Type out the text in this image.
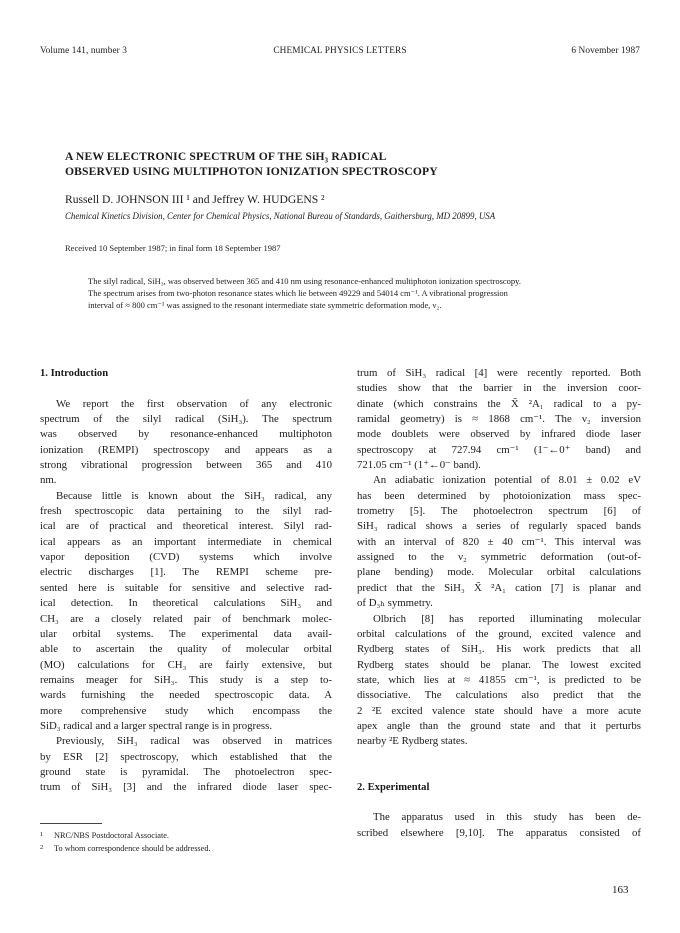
Volume 141, number 3	CHEMICAL PHYSICS LETTERS	6 November 1987
A NEW ELECTRONIC SPECTRUM OF THE SiH₃ RADICAL
OBSERVED USING MULTIPHOTON IONIZATION SPECTROSCOPY
Russell D. JOHNSON III ¹ and Jeffrey W. HUDGENS ²
Chemical Kinetics Division, Center for Chemical Physics, National Bureau of Standards, Gaithersburg, MD 20899, USA
Received 10 September 1987; in final form 18 September 1987
The silyl radical, SiH₃, was observed between 365 and 410 nm using resonance-enhanced multiphoton ionization spectroscopy.
The spectrum arises from two-photon resonance states which lie between 49229 and 54014 cm⁻¹. A vibrational progression
interval of ≈ 800 cm⁻¹ was assigned to the resonant intermediate state symmetric deformation mode, ν₂.
1. Introduction
We report the first observation of any electronic
spectrum of the silyl radical (SiH₃). The spectrum
was observed by resonance-enhanced multiphoton
ionization (REMPI) spectroscopy and appears as a
strong vibrational progression between 365 and 410
nm.
Because little is known about the SiH₃ radical, any
fresh spectroscopic data pertaining to the silyl rad-
ical are of practical and theoretical interest. Silyl rad-
ical appears as an important intermediate in chemical
vapor deposition (CVD) systems which involve
electric discharges [1]. The REMPI scheme pre-
sented here is suitable for sensitive and selective rad-
ical detection. In theoretical calculations SiH₃ and
CH₃ are a closely related pair of benchmark molec-
ular orbital systems. The experimental data avail-
able to ascertain the quality of molecular orbital
(MO) calculations for CH₃ are fairly extensive, but
remains meager for SiH₃. This study is a step to-
wards furnishing the needed spectroscopic data. A
more comprehensive study which encompass the
SiD₃ radical and a larger spectral range is in progress.
Previously, SiH₃ radical was observed in matrices
by ESR [2] spectroscopy, which established that the
ground state is pyramidal. The photoelectron spec-
trum of SiH₃ [3] and the infrared diode laser spec-
trum of SiH₃ radical [4] were recently reported. Both
studies show that the barrier in the inversion coor-
dinate (which constrains the X̃ ²A₁ radical to a py-
ramidal geometry) is ≈ 1868 cm⁻¹. The ν₂ inversion
mode doublets were observed by infrared diode laser
spectroscopy at 727.94 cm⁻¹ (1⁻←0⁺ band) and
721.05 cm⁻¹ (1⁺←0⁻ band).
An adiabatic ionization potential of 8.01 ± 0.02 eV
has been determined by photoionization mass spec-
trometry [5]. The photoelectron spectrum [6] of
SiH₃ radical shows a series of regularly spaced bands
with an interval of 820 ± 40 cm⁻¹. This interval was
assigned to the ν₂ symmetric deformation (out-of-
plane bending) mode. Molecular orbital calculations
predict that the SiH₃ X̃ ²A₁ cation [7] is planar and
of D₃ₕ symmetry.
Olbrich [8] has reported illuminating molecular
orbital calculations of the ground, excited valence and
Rydberg states of SiH₃. His work predicts that all
Rydberg states should be planar. The lowest excited
state, which lies at ≈ 41855 cm⁻¹, is predicted to be
dissociative. The calculations also predict that the
2 ²E excited valence state should have a more acute
apex angle than the ground state and that it perturbs
nearby ²E Rydberg states.
2. Experimental
The apparatus used in this study has been de-
scribed elsewhere [9,10]. The apparatus consisted of
1 NRC/NBS Postdoctoral Associate.
2 To whom correspondence should be addressed.
163
